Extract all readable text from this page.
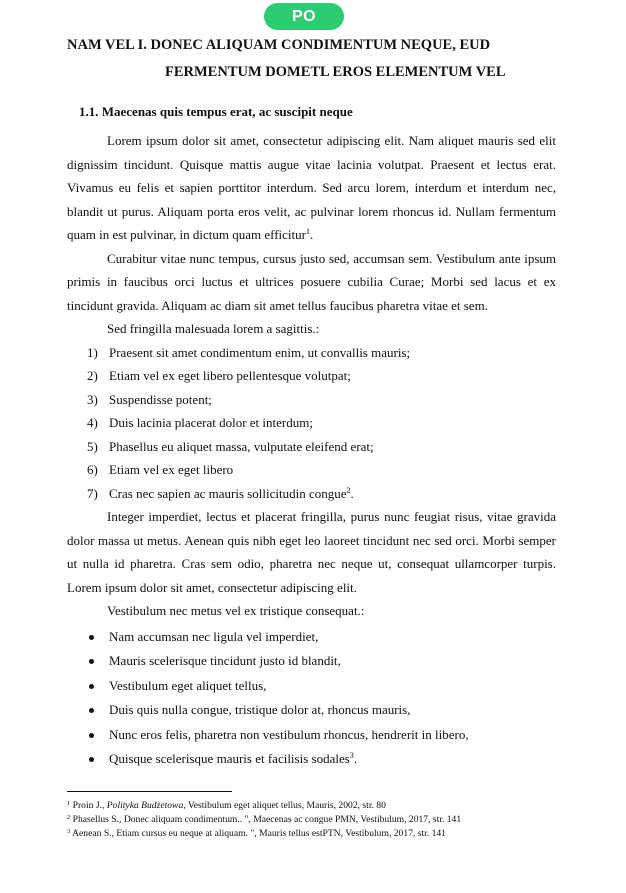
PO
NAM VEL I. DONEC ALIQUAM CONDIMENTUM NEQUE, EUD
FERMENTUM DOMETL EROS ELEMENTUM VEL
1.1. Maecenas quis tempus erat, ac suscipit neque

Lorem ipsum dolor sit amet, consectetur adipiscing elit. Nam aliquet mauris sed elit dignissim tincidunt. Quisque mattis augue vitae lacinia volutpat. Praesent et lectus erat. Vivamus eu felis et sapien porttitor interdum. Sed arcu lorem, interdum et interdum nec, blandit ut purus. Aliquam porta eros velit, ac pulvinar lorem rhoncus id. Nullam fermentum quam in est pulvinar, in dictum quam efficitur$^1$.

Curabitur vitae nunc tempus, cursus justo sed, accumsan sem. Vestibulum ante ipsum primis in faucibus orci luctus et ultrices posuere cubilia Curae; Morbi sed lacus et ex tincidunt gravida. Aliquam ac diam sit amet tellus faucibus pharetra vitae et sem.

Sed fringilla malesuada lorem a sagittis.:

1) Praesent sit amet condimentum enim, ut convallis mauris;
2) Etiam vel ex eget libero pellentesque volutpat;
3) Suspendisse potent;
4) Duis lacinia placerat dolor et interdum;
5) Phasellus eu aliquet massa, vulputate eleifend erat;
6) Etiam vel ex eget libero
7) Cras nec sapien ac mauris sollicitudin congue$^2$.

Integer imperdiet, lectus et placerat fringilla, purus nunc feugiat risus, vitae gravida dolor massa ut metus. Aenean quis nibh eget leo laoreet tincidunt nec sed orci. Morbi semper ut nulla id pharetra. Cras sem odio, pharetra nec neque ut, consequat ullamcorper turpis. Lorem ipsum dolor sit amet, consectetur adipiscing elit.

Vestibulum nec metus vel ex tristique consequat.:

Nam accumsan nec ligula vel imperdiet,
Mauris scelerisque tincidunt justo id blandit,
Vestibulum eget aliquet tellus,
Duis quis nulla congue, tristique dolor at, rhoncus mauris,
Nunc eros felis, pharetra non vestibulum rhoncus, hendrerit in libero,
Quisque scelerisque mauris et facilisis sodales$^3$.
$^1$ Proin J., Polityka Budżetowa, Vestibulum eget aliquet tellus, Mauris, 2002, str. 80
$^2$ Phasellus S., Donec aliquam condimentum.. ", Maecenas ac congue PMN, Vestibulum, 2017, str. 141
$^3$ Aenean S., Etiam cursus eu neque at aliquam. ", Mauris tellus estPTN, Vestibulum, 2017, str. 141
